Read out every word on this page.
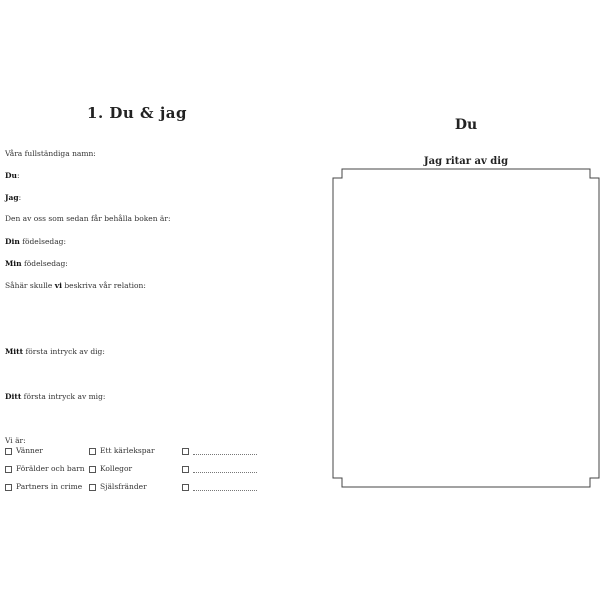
1. Du & jag
Våra fullständiga namn:
Du:
Jag:
Den av oss som sedan får behålla boken är:
Din födelsedag:
Min födelsedag:
Såhär skulle vi beskriva vår relation:
Mitt första intryck av dig:
Ditt första intryck av mig:
Vi är:
Vänner	Ett kärlekspar
Förälder och barn	Kollegor
Partners in crime	Själsfränder
Du
Jag ritar av dig
